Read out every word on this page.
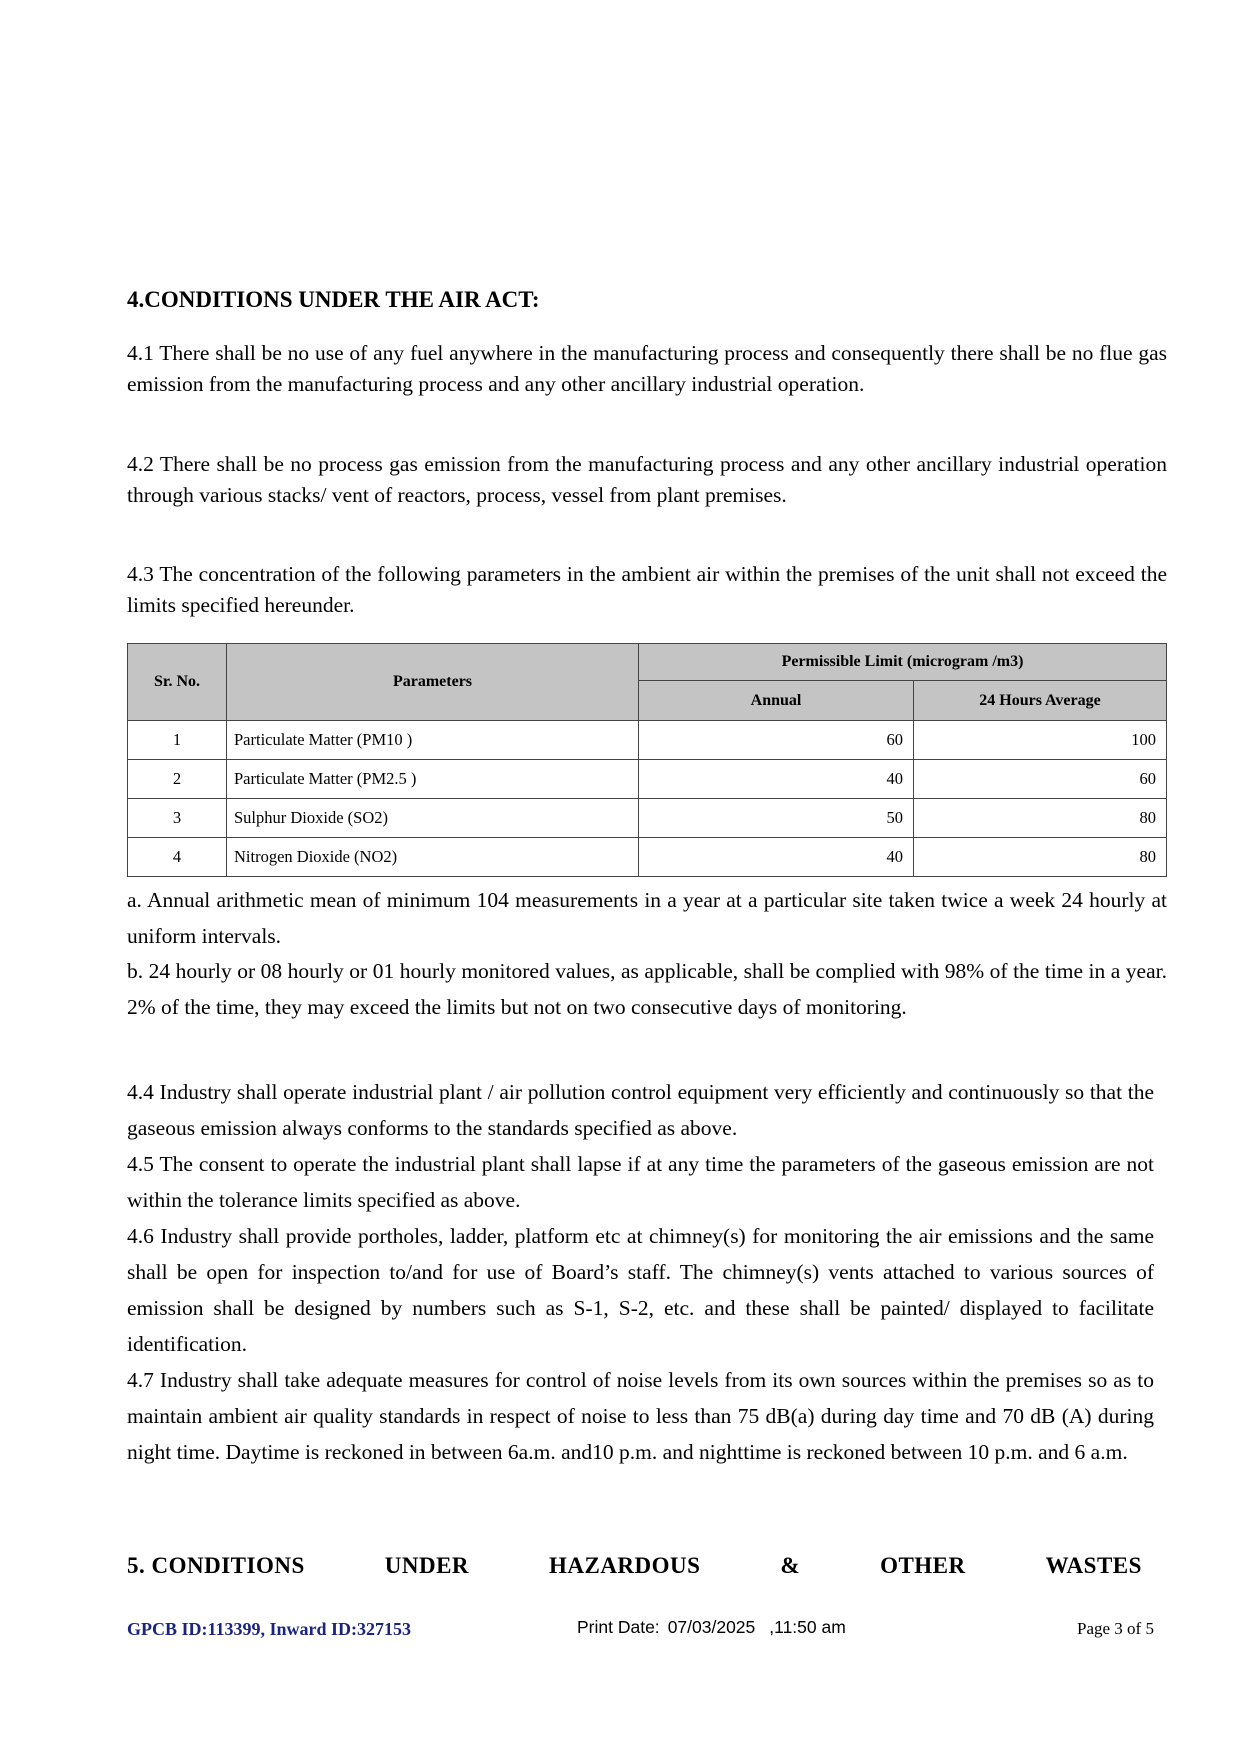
4.CONDITIONS UNDER THE AIR ACT:

4.1 There shall be no use of any fuel anywhere in the manufacturing process and consequently there shall be no flue gas emission from the manufacturing process and any other ancillary industrial operation.

4.2 There shall be no process gas emission from the manufacturing process and any other ancillary industrial operation through various stacks/ vent of reactors, process, vessel from plant premises.

4.3 The concentration of the following parameters in the ambient air within the premises of the unit shall not exceed the limits specified hereunder.

Sr. No.	Parameters	Permissible Limit (microgram /m3)	
		Annual	24 Hours Average
1	Particulate Matter (PM10 )	60	100
2	Particulate Matter (PM2.5 )	40	60
3	Sulphur Dioxide (SO2)	50	80
4	Nitrogen Dioxide (NO2)	40	80

a. Annual arithmetic mean of minimum 104 measurements in a year at a particular site taken twice a week 24 hourly at uniform intervals.

b. 24 hourly or 08 hourly or 01 hourly monitored values, as applicable, shall be complied with 98% of the time in a year. 2% of the time, they may exceed the limits but not on two consecutive days of monitoring.

4.4 Industry shall operate industrial plant / air pollution control equipment very efficiently and continuously so that the gaseous emission always conforms to the standards specified as above.

4.5 The consent to operate the industrial plant shall lapse if at any time the parameters of the gaseous emission are not within the tolerance limits specified as above.

4.6 Industry shall provide portholes, ladder, platform etc at chimney(s) for monitoring the air emissions and the same shall be open for inspection to/and for use of Board’s staff. The chimney(s) vents attached to various sources of emission shall be designed by numbers such as S-1, S-2, etc. and these shall be painted/ displayed to facilitate identification.

4.7 Industry shall take adequate measures for control of noise levels from its own sources within the premises so as to maintain ambient air quality standards in respect of noise to less than 75 dB(a) during day time and 70 dB (A) during night time. Daytime is reckoned in between 6a.m. and10 p.m. and nighttime is reckoned between 10 p.m. and 6 a.m.

5. CONDITIONS	UNDER	HAZARDOUS	&	OTHER	WASTES
GPCB ID:113399, Inward ID:327153	Print Date: 07/03/2025 ,11:50 am	Page 3 of 5
